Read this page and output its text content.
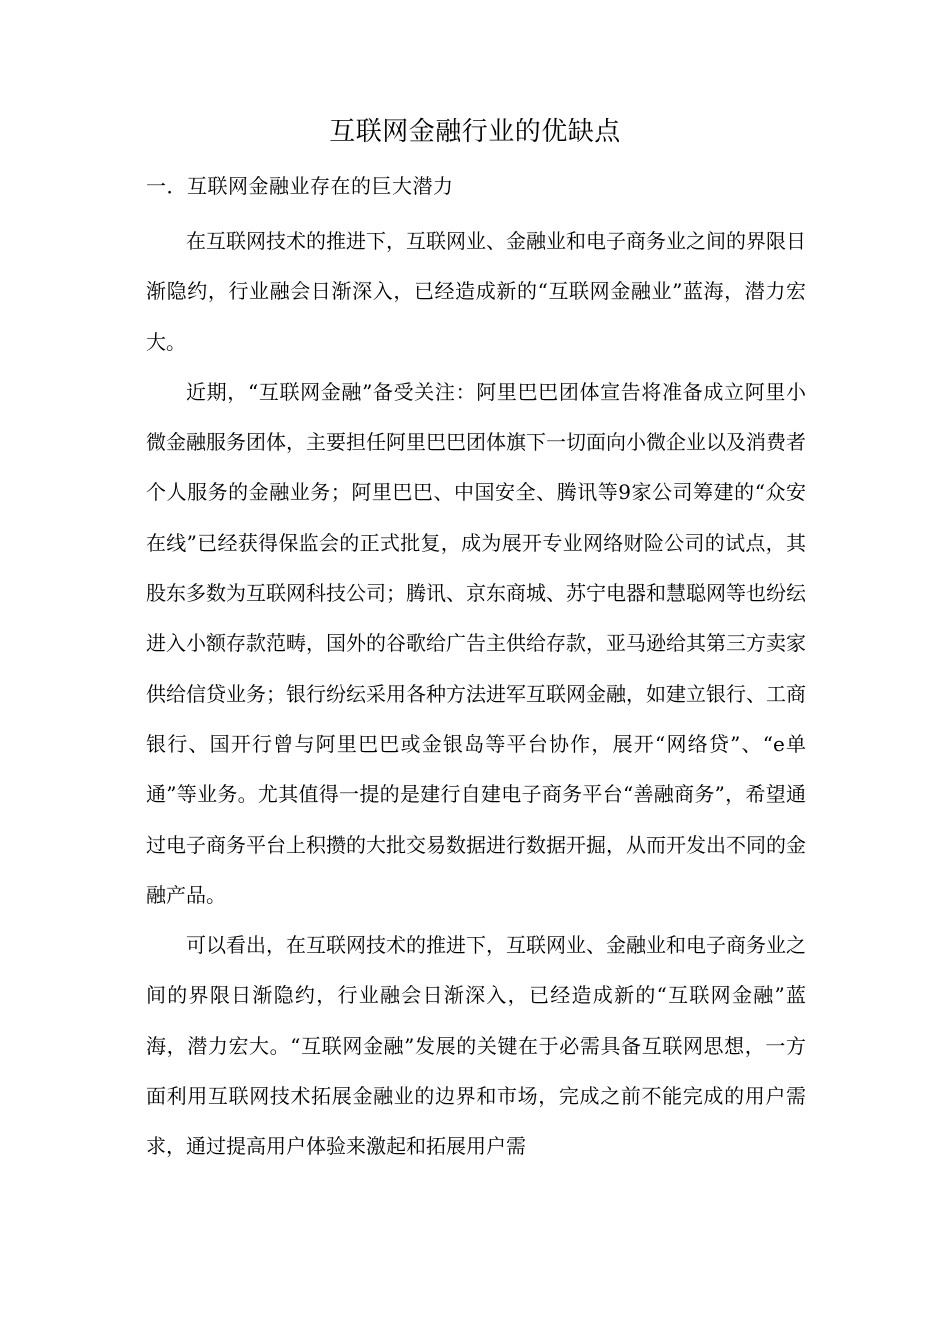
互联网金融行业的优缺点
一．互联网金融业存在的巨大潜力

在互联网技术的推进下，互联网业、金融业和电子商务业之间的界限日渐隐约，行业融会日渐深入，已经造成新的“互联网金融业”蓝海，潜力宏大。

近期，“互联网金融”备受关注：阿里巴巴团体宣告将准备成立阿里小微金融服务团体，主要担任阿里巴巴团体旗下一切面向小微企业以及消费者个人服务的金融业务；阿里巴巴、中国安全、腾讯等9家公司筹建的“众安在线”已经获得保监会的正式批复，成为展开专业网络财险公司的试点，其股东多数为互联网科技公司；腾讯、京东商城、苏宁电器和慧聪网等也纷纭进入小额存款范畴，国外的谷歌给广告主供给存款，亚马逊给其第三方卖家供给信贷业务；银行纷纭采用各种方法进军互联网金融，如建立银行、工商银行、国开行曾与阿里巴巴或金银岛等平台协作，展开“网络贷”、“e单通”等业务。尤其值得一提的是建行自建电子商务平台“善融商务”，希望通过电子商务平台上积攒的大批交易数据进行数据开掘，从而开发出不同的金融产品。

可以看出，在互联网技术的推进下，互联网业、金融业和电子商务业之间的界限日渐隐约，行业融会日渐深入，已经造成新的“互联网金融”蓝海，潜力宏大。“互联网金融”发展的关键在于必需具备互联网思想，一方面利用互联网技术拓展金融业的边界和市场，完成之前不能完成的用户需求，通过提高用户体验来激起和拓展用户需
